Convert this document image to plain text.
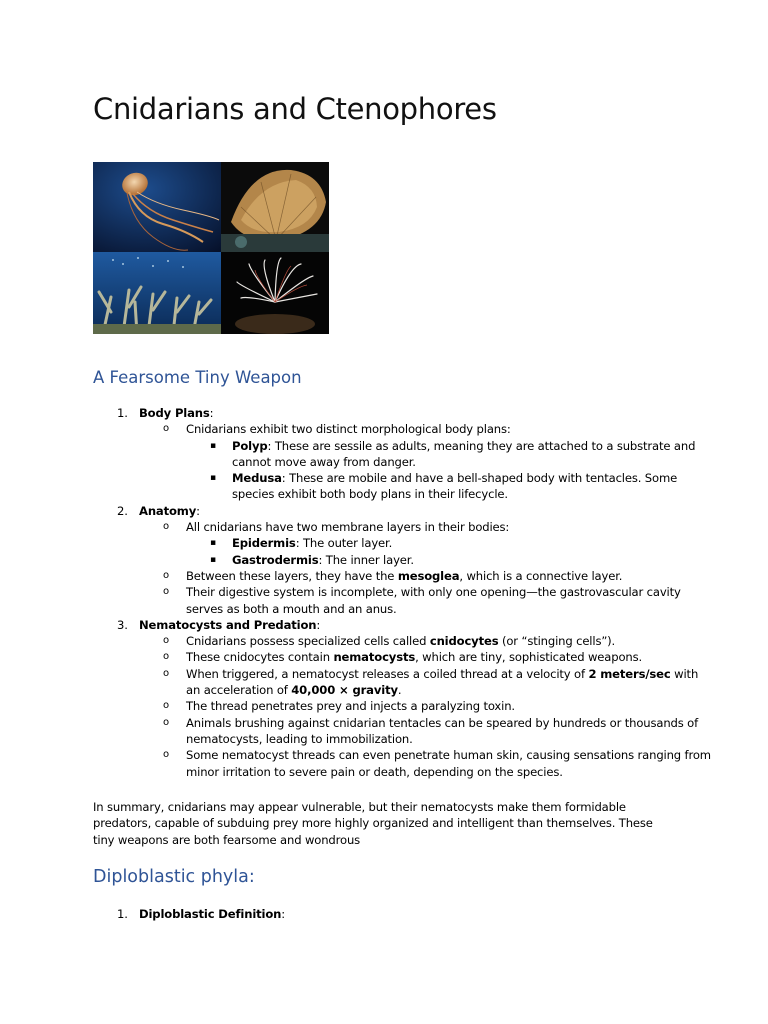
Cnidarians and Ctenophores
A Fearsome Tiny Weapon
1. Body Plans:
o Cnidarians exhibit two distinct morphological body plans:
▪ Polyp: These are sessile as adults, meaning they are attached to a substrate and cannot move away from danger.
▪ Medusa: These are mobile and have a bell-shaped body with tentacles. Some species exhibit both body plans in their lifecycle.
2. Anatomy:
o All cnidarians have two membrane layers in their bodies:
▪ Epidermis: The outer layer.
▪ Gastrodermis: The inner layer.
o Between these layers, they have the mesoglea, which is a connective layer.
o Their digestive system is incomplete, with only one opening—the gastrovascular cavity serves as both a mouth and an anus.
3. Nematocysts and Predation:
o Cnidarians possess specialized cells called cnidocytes (or “stinging cells”).
o These cnidocytes contain nematocysts, which are tiny, sophisticated weapons.
o When triggered, a nematocyst releases a coiled thread at a velocity of 2 meters/sec with an acceleration of 40,000 × gravity.
o The thread penetrates prey and injects a paralyzing toxin.
o Animals brushing against cnidarian tentacles can be speared by hundreds or thousands of nematocysts, leading to immobilization.
o Some nematocyst threads can even penetrate human skin, causing sensations ranging from minor irritation to severe pain or death, depending on the species.

In summary, cnidarians may appear vulnerable, but their nematocysts make them formidable predators, capable of subduing prey more highly organized and intelligent than themselves. These tiny weapons are both fearsome and wondrous

Diploblastic phyla:
1. Diploblastic Definition:
